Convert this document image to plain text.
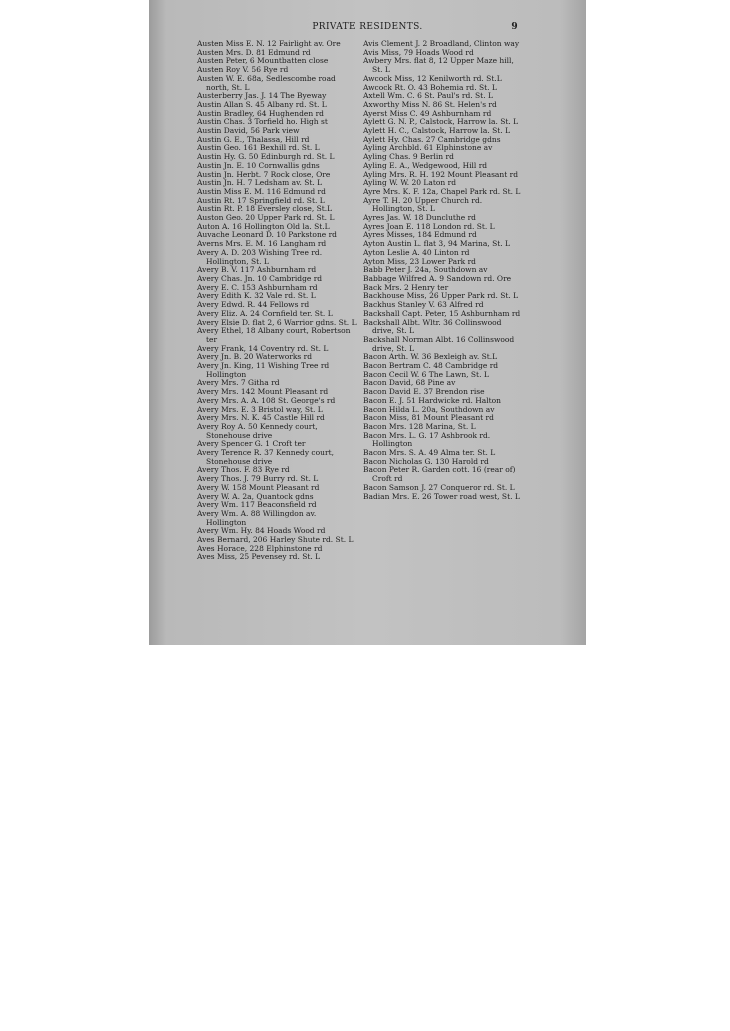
PRIVATE RESIDENTS.	9

Austen Miss E. N. 12 Fairlight av. Ore

Austen Mrs. D. 81 Edmund rd

Austen Peter, 6 Mountbatten close

Austen Roy V. 56 Rye rd

Austen W. E. 68a, Sedlescombe road north, St. L

Austerberry Jas. J. 14 The Byeway

Austin Allan S. 45 Albany rd. St. L

Austin Bradley, 64 Hughenden rd

Austin Chas. 3 Torfield ho. High st

Austin David, 56 Park view

Austin G. E., Thalassa, Hill rd

Austin Geo. 161 Bexhill rd. St. L

Austin Hy. G. 50 Edinburgh rd. St. L

Austin Jn. E. 10 Cornwallis gdns

Austin Jn. Herbt. 7 Rock close, Ore

Austin Jn. H. 7 Ledsham av. St. L

Austin Miss E. M. 116 Edmund rd

Austin Rt. 17 Springfield rd. St. L

Austin Rt. P. 18 Eversley close, St.L

Auston Geo. 20 Upper Park rd. St. L

Auton A. 16 Hollington Old la. St.L

Auvache Leonard D. 10 Parkstone rd

Averns Mrs. E. M. 16 Langham rd

Avery A. D. 203 Wishing Tree rd. Hollington, St. L

Avery B. V. 117 Ashburnham rd

Avery Chas. Jn. 10 Cambridge rd

Avery E. C. 153 Ashburnham rd

Avery Edith K. 32 Vale rd. St. L

Avery Edwd. R. 44 Fellows rd

Avery Eliz. A. 24 Cornfield ter. St. L

Avery Elsie D. flat 2, 6 Warrior gdns. St. L

Avery Ethel, 18 Albany court, Robertson ter

Avery Frank, 14 Coventry rd. St. L

Avery Jn. B. 20 Waterworks rd

Avery Jn. King, 11 Wishing Tree rd Hollington

Avery Mrs. 7 Githa rd

Avery Mrs. 142 Mount Pleasant rd

Avery Mrs. A. A. 108 St. George's rd

Avery Mrs. E. 3 Bristol way, St. L

Avery Mrs. N. K. 45 Castle Hill rd

Avery Roy A. 50 Kennedy court, Stonehouse drive

Avery Spencer G. 1 Croft ter

Avery Terence R. 37 Kennedy court, Stonehouse drive

Avery Thos. F. 83 Rye rd

Avery Thos. J. 79 Burry rd. St. L

Avery W. 158 Mount Pleasant rd

Avery W. A. 2a, Quantock gdns

Avery Wm. 117 Beaconsfield rd

Avery Wm. A. 88 Willingdon av. Hollington

Avery Wm. Hy. 84 Hoads Wood rd

Aves Bernard, 206 Harley Shute rd. St. L

Aves Horace, 228 Elphinstone rd

Aves Miss, 25 Pevensey rd. St. L

Avis Clement J. 2 Broadland, Clinton way

Avis Miss, 79 Hoads Wood rd

Awbery Mrs. flat 8, 12 Upper Maze hill, St. L

Awcock Miss, 12 Kenilworth rd. St.L

Awcock Rt. O. 43 Bohemia rd. St. L

Axtell Wm. C. 6 St. Paul's rd. St. L

Axworthy Miss N. 86 St. Helen's rd

Ayerst Miss C. 49 Ashburnham rd

Aylett G. N. P., Calstock, Harrow la. St. L

Aylett H. C., Calstock, Harrow la. St. L

Aylett Hy. Chas. 27 Cambridge gdns

Ayling Archbld. 61 Elphinstone av

Ayling Chas. 9 Berlin rd

Ayling E. A., Wedgewood, Hill rd

Ayling Mrs. R. H. 192 Mount Pleasant rd

Ayling W. W. 20 Laton rd

Ayre Mrs. K. F. 12a, Chapel Park rd. St. L

Ayre T. H. 20 Upper Church rd. Hollington, St. L

Ayres Jas. W. 18 Duncluthe rd

Ayres Joan E. 118 London rd. St. L

Ayres Misses, 184 Edmund rd

Ayton Austin L. flat 3, 94 Marina, St. L

Ayton Leslie A. 40 Linton rd

Ayton Miss, 23 Lower Park rd

Babb Peter J. 24a, Southdown av

Babbage Wilfred A. 9 Sandown rd. Ore

Back Mrs. 2 Henry ter

Backhouse Miss, 26 Upper Park rd. St. L

Backhus Stanley V. 63 Alfred rd

Backshall Capt. Peter, 15 Ashburnham rd

Backshall Albt. Wltr. 36 Collinswood drive, St. L

Backshall Norman Albt. 16 Collinswood drive, St. L

Bacon Arth. W. 36 Bexleigh av. St.L

Bacon Bertram C. 48 Cambridge rd

Bacon Cecil W. 6 The Lawn, St. L

Bacon David, 68 Pine av

Bacon David E. 37 Brendon rise

Bacon E. J. 51 Hardwicke rd. Halton

Bacon Hilda L. 20a, Southdown av

Bacon Miss, 81 Mount Pleasant rd

Bacon Mrs. 128 Marina, St. L

Bacon Mrs. L. G. 17 Ashbrook rd. Hollington

Bacon Mrs. S. A. 49 Alma ter. St. L

Bacon Nicholas G. 130 Harold rd

Bacon Peter R. Garden cott. 16 (rear of) Croft rd

Bacon Samson J. 27 Conqueror rd. St. L

Badian Mrs. E. 26 Tower road west, St. L
